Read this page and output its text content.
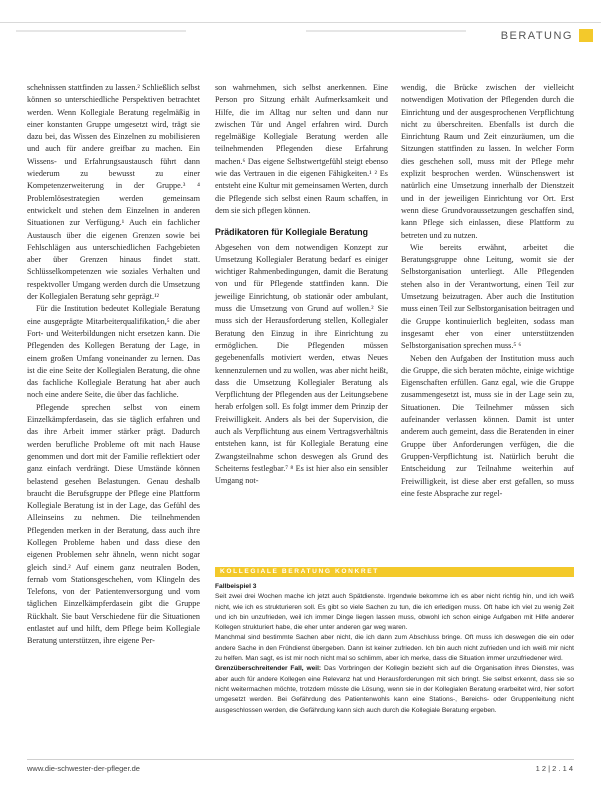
BERATUNG

schehnissen stattfinden zu lassen.² Schließlich selbst können so unterschiedliche Perspektiven betrachtet werden. Wenn Kollegiale Beratung regelmäßig in einer konstanten Gruppe umgesetzt wird, trägt sie dazu bei, das Wissen des Einzelnen zu mobilisieren und auch für andere greifbar zu machen. Ein Wissens- und Erfahrungsaustausch führt dann wiederum zu bewusst zu einer Kompetenzerweiterung in der Gruppe.³ ⁴ Problemlösestrategien werden gemeinsam entwickelt und stehen dem Einzelnen in anderen Situationen zur Verfügung.¹ Auch ein fachlicher Austausch über die eigenen Grenzen sowie bei Fehlschlägen aus unterschiedlichen Fachgebieten aber über Grenzen hinaus findet statt. Schlüsselkompetenzen wie soziales Verhalten und respektvoller Umgang werden durch die Umsetzung der Kollegialen Beratung sehr geprägt.¹²

Für die Institution bedeutet Kollegiale Beratung eine ausgeprägte Mitarbeiterqualifikation,⁵ die aber Fort- und Weiterbildungen nicht ersetzen kann. Die Pflegenden des Kollegen Beratung der Lage, in einem großen Umfang voneinander zu lernen. Das ist die eine Seite der Kollegialen Beratung, die ohne das fachliche Kollegiale Beratung hat aber auch noch eine andere Seite, die über das fachliche.

Pflegende sprechen selbst von einem Einzelkämpferdasein, das sie täglich erfahren und das ihre Arbeit immer stärker prägt. Dadurch werden berufliche Probleme oft mit nach Hause genommen und dort mit der Familie reflektiert oder ganz einfach verdrängt. Diese Umstände können belastend gesehen Belastungen. Genau deshalb braucht die Berufsgruppe der Pflege eine Plattform Kollegiale Beratung ist in der Lage, das Gefühl des Alleinseins zu nehmen. Die teilnehmenden Pflegenden merken in der Beratung, dass auch ihre Kollegen Probleme haben und dass diese den eigenen Problemen sehr ähneln, wenn nicht sogar gleich sind.² Auf einem ganz neutralen Boden, fernab vom Stationsgeschehen, vom Klingeln des Telefons, von der Patientenversorgung und vom täglichen Einzelkämpferdasein gibt die Gruppe Rückhalt. Sie baut Verschiedene für die Situationen entlastet auf und hilft, dem Pflege beim Kollegiale Beratung unterstützen, ihre eigene Per-

son wahrnehmen, sich selbst anerkennen. Eine Person pro Sitzung erhält Aufmerksamkeit und Hilfe, die im Alltag nur selten und dann nur zwischen Tür und Angel erfahren wird. Durch regelmäßige Kollegiale Beratung werden alle teilnehmenden Pflegenden diese Erfahrung machen.⁶ Das eigene Selbstwertgefühl steigt ebenso wie das Vertrauen in die eigenen Fähigkeiten.¹ ² Es entsteht eine Kultur mit gemeinsamen Werten, durch die Pflegende sich selbst einen Raum schaffen, in dem sie sich pflegen können.

Prädikatoren für Kollegiale Beratung

Abgesehen von dem notwendigen Konzept zur Umsetzung Kollegialer Beratung bedarf es einiger wichtiger Rahmenbedingungen, damit die Beratung von und für Pflegende stattfinden kann. Die jeweilige Einrichtung, ob stationär oder ambulant, muss die Umsetzung von Grund auf wollen.² Sie muss sich der Herausforderung stellen, Kollegialer Beratung den Einzug in ihre Einrichtung zu ermöglichen. Die Pflegenden müssen gegebenenfalls motiviert werden, etwas Neues kennenzulernen und zu wollen, was aber nicht heißt, dass die Umsetzung Kollegialer Beratung als Verpflichtung der Pflegenden aus der Leitungsebene herab erfolgen soll. Es folgt immer dem Prinzip der Freiwilligkeit. Anders als bei der Supervision, die auch als Verpflichtung aus einem Vertragsverhältnis entstehen kann, ist für Kollegiale Beratung eine Zwangsteilnahme schon deswegen als Grund des Scheiterns festlegbar.⁷ ⁸ Es ist hier also ein sensibler Umgang not-

wendig, die Brücke zwischen der vielleicht notwendigen Motivation der Pflegenden durch die Einrichtung und der ausgesprochenen Verpflichtung nicht zu überschreiten. Ebenfalls ist durch die Einrichtung Raum und Zeit einzuräumen, um die Sitzungen stattfinden zu lassen. In welcher Form dies geschehen soll, muss mit der Pflege mehr explizit besprochen werden. Wünschenswert ist natürlich eine Umsetzung innerhalb der Dienstzeit und in der jeweiligen Einrichtung vor Ort. Erst wenn diese Grundvoraussetzungen geschaffen sind, kann Pflege sich einlassen, diese Plattform zu betreten und zu nutzen.

Wie bereits erwähnt, arbeitet die Beratungsgruppe ohne Leitung, womit sie der Selbstorganisation unterliegt. Alle Pflegenden stehen also in der Verantwortung, einen Teil zur Umsetzung beizutragen. Aber auch die Institution muss einen Teil zur Selbstorganisation beitragen und die Gruppe kontinuierlich begleiten, sodass man insgesamt eher von einer unterstützenden Selbstorganisation sprechen muss.⁵ ⁶

Neben den Aufgaben der Institution muss auch die Gruppe, die sich beraten möchte, einige wichtige Eigenschaften erfüllen. Ganz egal, wie die Gruppe zusammengesetzt ist, muss sie in der Lage sein zu, Situationen. Die Teilnehmer müssen sich aufeinander verlassen können. Damit ist unter anderem auch gemeint, dass die Beratenden in einer Gruppe über Anforderungen verfügen, die die Gruppen-Verpflichtung ist. Natürlich beruht die Entscheidung zur Teilnahme weiterhin auf Freiwilligkeit, ist diese aber erst gefallen, so muss eine feste Absprache zur regel-

KOLLEGIALE BERATUNG KONKRET

Fallbeispiel 3

Seit zwei drei Wochen mache ich jetzt auch Spätdienste. Irgendwie bekomme ich es aber nicht richtig hin, und ich weiß nicht, wie ich es strukturieren soll. Es gibt so viele Sachen zu tun, die ich erledigen muss. Oft habe ich viel zu wenig Zeit und ich bin unzufrieden, weil ich immer Dinge liegen lassen muss, obwohl ich schon einige Aufgaben mit Hilfe anderer Kollegen strukturiert habe, die eher unter anderen gar weg waren.

Manchmal sind bestimmte Sachen aber nicht, die ich dann zum Abschluss bringe. Oft muss ich deswegen die ein oder andere Sache in den Frühdienst übergeben. Dann ist keiner zufrieden. Ich bin auch nicht zufrieden und ich weiß mir nicht zu helfen. Man sagt, es ist mir noch nicht mal so schlimm, aber ich merke, dass die Situation immer unzufriedener wird.

Grenzüberschreitender Fall, weil: Das Vorbringen der Kollegin bezieht sich auf die Organisation ihres Dienstes, was aber auch für andere Kollegen eine Relevanz hat und Herausforderungen mit sich bringt. Sie selbst erkennt, dass sie so nicht weitermachen möchte, trotzdem müsste die Lösung, wenn sie in der Kollegialen Beratung erarbeitet wird, hier sofort umgesetzt werden. Bei Gefährdung des Patientenwohls kann eine Stations-, Bereichs- oder Gruppenleitung nicht ausgeschlossen werden, die Gefährdung kann sich auch durch die Kollegiale Beratung ergeben.

www.die-schwester-der-pfleger.de	1 2 | 2 . 1 4
